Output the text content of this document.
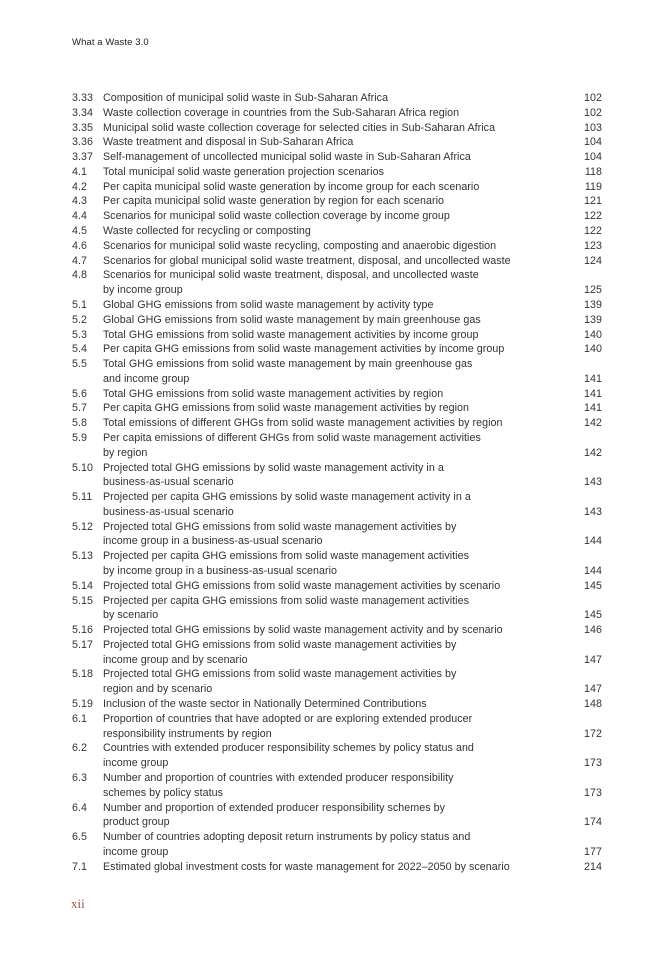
What a Waste 3.0
3.33 Composition of municipal solid waste in Sub-Saharan Africa	102
3.34 Waste collection coverage in countries from the Sub-Saharan Africa region	102
3.35 Municipal solid waste collection coverage for selected cities in Sub-Saharan Africa	103
3.36 Waste treatment and disposal in Sub-Saharan Africa	104
3.37 Self-management of uncollected municipal solid waste in Sub-Saharan Africa	104
4.1	Total municipal solid waste generation projection scenarios	118
4.2	Per capita municipal solid waste generation by income group for each scenario	119
4.3	Per capita municipal solid waste generation by region for each scenario	121
4.4	Scenarios for municipal solid waste collection coverage by income group	122
4.5	Waste collected for recycling or composting	122
4.6	Scenarios for municipal solid waste recycling, composting and anaerobic digestion	123
4.7	Scenarios for global municipal solid waste treatment, disposal, and uncollected waste	124
4.8	Scenarios for municipal solid waste treatment, disposal, and uncollected waste
by income group	125
5.1	Global GHG emissions from solid waste management by activity type	139
5.2	Global GHG emissions from solid waste management by main greenhouse gas	139
5.3	Total GHG emissions from solid waste management activities by income group	140
5.4	Per capita GHG emissions from solid waste management activities by income group	140
5.5	Total GHG emissions from solid waste management by main greenhouse gas
and income group	141
5.6	Total GHG emissions from solid waste management activities by region	141
5.7	Per capita GHG emissions from solid waste management activities by region	141
5.8	Total emissions of different GHGs from solid waste management activities by region	142
5.9	Per capita emissions of different GHGs from solid waste management activities
by region	142
5.10 Projected total GHG emissions by solid waste management activity in a
business-as-usual scenario	143
5.11	Projected per capita GHG emissions by solid waste management activity in a
business-as-usual scenario	143
5.12 Projected total GHG emissions from solid waste management activities by
income group in a business-as-usual scenario	144
5.13 Projected per capita GHG emissions from solid waste management activities
by income group in a business-as-usual scenario	144
5.14 Projected total GHG emissions from solid waste management activities by scenario	145
5.15 Projected per capita GHG emissions from solid waste management activities
by scenario	145
5.16 Projected total GHG emissions by solid waste management activity and by scenario	146
5.17 Projected total GHG emissions from solid waste management activities by
income group and by scenario	147
5.18 Projected total GHG emissions from solid waste management activities by
region and by scenario	147
5.19 Inclusion of the waste sector in Nationally Determined Contributions	148
6.1	Proportion of countries that have adopted or are exploring extended producer
responsibility instruments by region	172
6.2	Countries with extended producer responsibility schemes by policy status and
income group	173
6.3	Number and proportion of countries with extended producer responsibility
schemes by policy status	173
6.4	Number and proportion of extended producer responsibility schemes by
product group	174
6.5	Number of countries adopting deposit return instruments by policy status and
income group	177
7.1	Estimated global investment costs for waste management for 2022–2050 by scenario	214
xii
